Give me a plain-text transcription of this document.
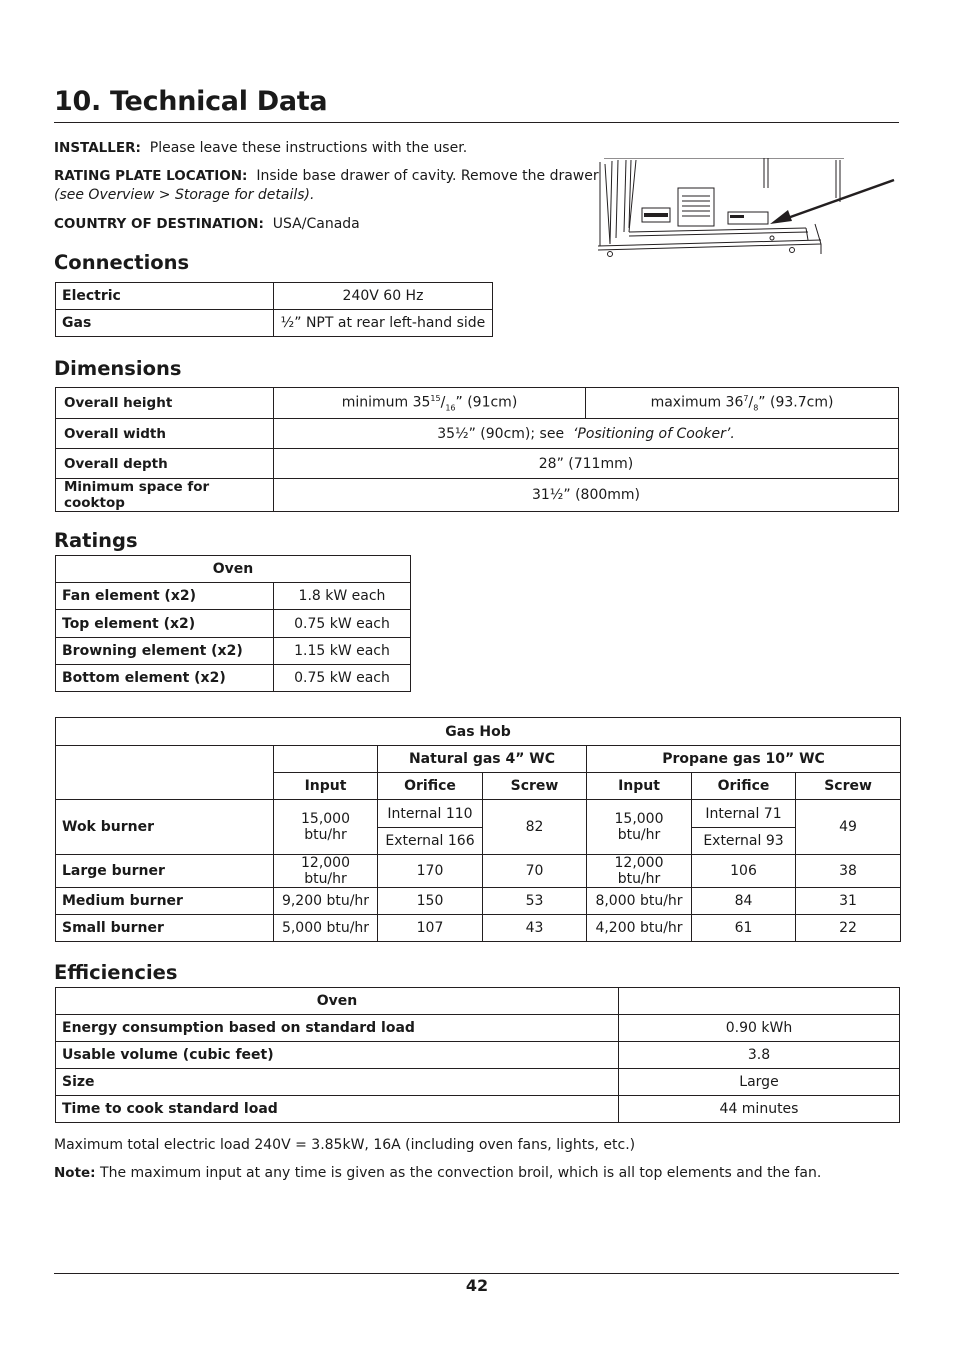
10. Technical Data
INSTALLER: Please leave these instructions with the user.
RATING PLATE LOCATION: Inside base drawer of cavity. Remove the drawer
(see Overview > Storage for details).
COUNTRY OF DESTINATION: USA/Canada
Connections
Electric	240V 60 Hz
Gas	½” NPT at rear left-hand side
Dimensions
Overall height	minimum $35^{15}/_{16}$” (91cm)	maximum $36^7/_8$” (93.7cm)
Overall width	35½” (90cm); see ‘Positioning of Cooker’.	
Overall depth	28” (711mm)	
Minimum space for cooktop	31½” (800mm)	
Ratings
Oven	
Fan element (x2)	1.8 kW each
Top element (x2)	0.75 kW each
Browning element (x2)	1.15 kW each
Bottom element (x2)	0.75 kW each
Gas Hob						
		Natural gas 4” WC		Propane gas 10” WC		
	Input	Orifice	Screw	Input	Orifice	Screw
Wok burner	15,000 btu/hr	Internal 110	82	15,000 btu/hr	Internal 71	49
		External 166			External 93	
Large burner	12,000 btu/hr	170	70	12,000 btu/hr	106	38
Medium burner	9,200 btu/hr	150	53	8,000 btu/hr	84	31
Small burner	5,000 btu/hr	107	43	4,200 btu/hr	61	22
Efficiencies
Oven	
Energy consumption based on standard load	0.90 kWh
Usable volume (cubic feet)	3.8
Size	Large
Time to cook standard load	44 minutes
Maximum total electric load 240V = 3.85kW, 16A (including oven fans, lights, etc.)
Note: The maximum input at any time is given as the convection broil, which is all top elements and the fan.
42
